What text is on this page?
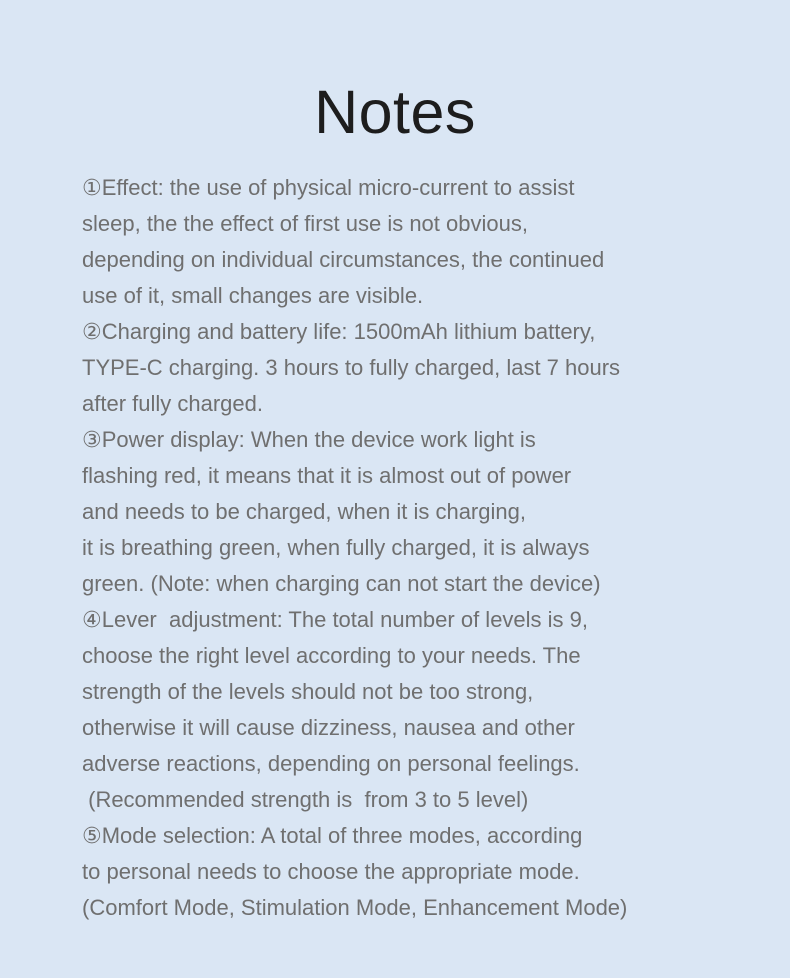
Notes
①Effect: the use of physical micro-current to assist
sleep, the the effect of first use is not obvious,
depending on individual circumstances, the continued
use of it, small changes are visible.
②Charging and battery life: 1500mAh lithium battery,
TYPE-C charging. 3 hours to fully charged, last 7 hours
after fully charged.
③Power display: When the device work light is
flashing red, it means that it is almost out of power
and needs to be charged, when it is charging,
it is breathing green, when fully charged, it is always
green. (Note: when charging can not start the device)
④Lever  adjustment: The total number of levels is 9,
choose the right level according to your needs. The
strength of the levels should not be too strong,
otherwise it will cause dizziness, nausea and other
adverse reactions, depending on personal feelings.
(Recommended strength is  from 3 to 5 level)
⑤Mode selection: A total of three modes, according
to personal needs to choose the appropriate mode.
(Comfort Mode, Stimulation Mode, Enhancement Mode)
